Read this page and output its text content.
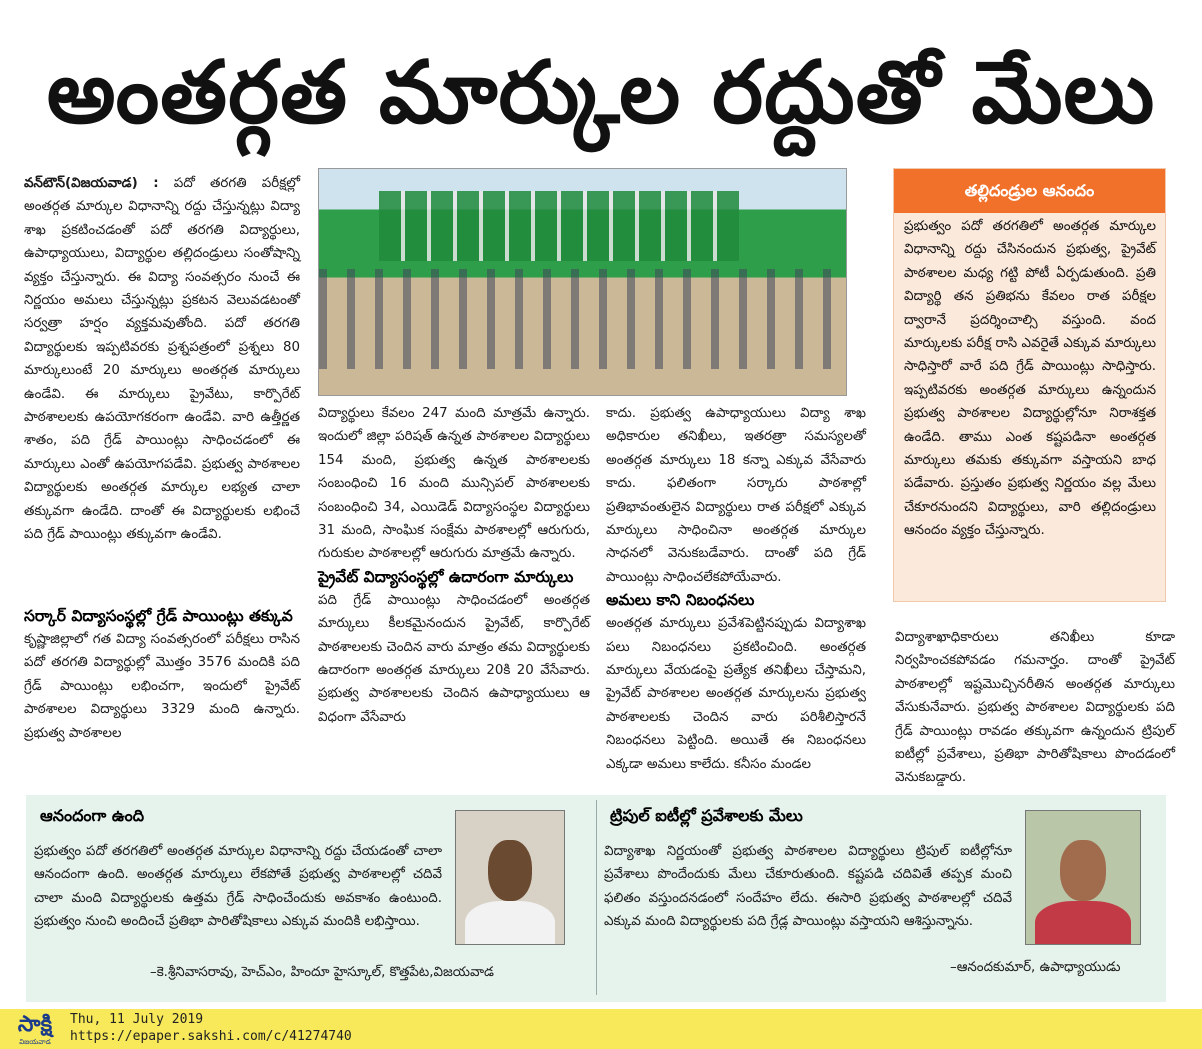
అంతర్గత మార్కుల రద్దుతో మేలు

వన్‌టౌన్(విజయవాడ) : పదో తరగతి పరీక్షల్లో అంతర్గత మార్కుల విధానాన్ని రద్దు చేస్తున్నట్లు విద్యా శాఖ ప్రకటించడంతో పదో తరగతి విద్యార్థులు, ఉపాధ్యాయులు, విద్యార్థుల తల్లిదండ్రులు సంతోషాన్ని వ్యక్తం చేస్తున్నారు. ఈ విద్యా సంవత్సరం నుంచే ఈ నిర్ణయం అమలు చేస్తున్నట్లు ప్రకటన వెలువడటంతో సర్వత్రా హర్షం వ్యక్తమవుతోంది. పదో తరగతి విద్యార్థులకు ఇప్పటివరకు ప్రశ్నపత్రంలో ప్రశ్నలు 80 మార్కులుంటే 20 మార్కులు అంతర్గత మార్కులు ఉండేవి. ఈ మార్కులు ప్రైవేటు, కార్పొరేట్ పాఠశాలలకు ఉపయోగకరంగా ఉండేవి. వారి ఉత్తీర్ణత శాతం, పది గ్రేడ్ పాయింట్లు సాధించడంలో ఈ మార్కులు ఎంతో ఉపయోగపడేవి. ప్రభుత్వ పాఠశాలల విద్యార్థులకు అంతర్గత మార్కుల లభ్యత చాలా తక్కువగా ఉండేది. దాంతో ఈ విద్యార్థులకు లభించే పది గ్రేడ్ పాయింట్లు తక్కువగా ఉండేవి.

సర్కార్ విద్యాసంస్థల్లో గ్రేడ్ పాయింట్లు తక్కువ

కృష్ణాజిల్లాలో గత విద్యా సంవత్సరంలో పరీక్షలు రాసిన పదో తరగతి విద్యార్థుల్లో మొత్తం 3576 మందికి పది గ్రేడ్ పాయింట్లు లభించగా, ఇందులో ప్రైవేట్ పాఠశాలల విద్యార్థులు 3329 మంది ఉన్నారు. ప్రభుత్వ పాఠశాలల

విద్యార్థులు కేవలం 247 మంది మాత్రమే ఉన్నారు. ఇందులో జిల్లా పరిషత్ ఉన్నత పాఠశాలల విద్యార్థులు 154 మంది, ప్రభుత్వ ఉన్నత పాఠశాలలకు సంబంధించి 16 మంది మున్సిపల్ పాఠశాలలకు సంబంధించి 34, ఎయిడెడ్ విద్యాసంస్థల విద్యార్థులు 31 మంది, సాంఘిక సంక్షేమ పాఠశాలల్లో ఆరుగురు, గురుకుల పాఠశాలల్లో ఆరుగురు మాత్రమే ఉన్నారు.

ప్రైవేట్ విద్యాసంస్థల్లో ఉదారంగా మార్కులు

పది గ్రేడ్ పాయింట్లు సాధించడంలో అంతర్గత మార్కులు కీలకమైనందున ప్రైవేట్, కార్పొరేట్ పాఠశాలలకు చెందిన వారు మాత్రం తమ విద్యార్థులకు ఉదారంగా అంతర్గత మార్కులు 20కి 20 వేసేవారు. ప్రభుత్వ పాఠశాలలకు చెందిన ఉపాధ్యాయులు ఆ విధంగా వేసేవారు

కాదు. ప్రభుత్వ ఉపాధ్యాయులు విద్యా శాఖ అధికారుల తనిఖీలు, ఇతరత్రా సమస్యలతో అంతర్గత మార్కులు 18 కన్నా ఎక్కువ వేసేవారు కాదు. ఫలితంగా సర్కారు పాఠశాల్లో ప్రతిభావంతులైన విద్యార్థులు రాత పరీక్షలో ఎక్కువ మార్కులు సాధించినా అంతర్గత మార్కుల సాధనలో వెనుకబడేవారు. దాంతో పది గ్రేడ్ పాయింట్లు సాధించలేకపోయేవారు.

అమలు కాని నిబంధనలు

అంతర్గత మార్కులు ప్రవేశపెట్టినప్పుడు విద్యాశాఖ పలు నిబంధనలు ప్రకటించింది. అంతర్గత మార్కులు వేయడంపై ప్రత్యేక తనిఖీలు చేస్తామని, ప్రైవేట్ పాఠశాలల అంతర్గత మార్కులను ప్రభుత్వ పాఠశాలలకు చెందిన వారు పరిశీలిస్తారనే నిబంధనలు పెట్టింది. అయితే ఈ నిబంధనలు ఎక్కడా అమలు కాలేదు. కనీసం మండల

తల్లిదండ్రుల ఆనందం
ప్రభుత్వం పదో తరగతిలో అంతర్గత మార్కుల విధానాన్ని రద్దు చేసినందున ప్రభుత్వ, ప్రైవేట్ పాఠశాలల మధ్య గట్టి పోటీ ఏర్పడుతుంది. ప్రతి విద్యార్థి తన ప్రతిభను కేవలం రాత పరీక్షల ద్వారానే ప్రదర్శించాల్సి వస్తుంది. వంద మార్కులకు పరీక్ష రాసి ఎవరైతే ఎక్కువ మార్కులు సాధిస్తారో వారే పది గ్రేడ్ పాయింట్లు సాధిస్తారు. ఇప్పటివరకు అంతర్గత మార్కులు ఉన్నందున ప్రభుత్వ పాఠశాలల విద్యార్థుల్లోనూ నిరాశక్తత ఉండేది. తాము ఎంత కష్టపడినా అంతర్గత మార్కులు తమకు తక్కువగా వస్తాయని బాధ పడేవారు. ప్రస్తుతం ప్రభుత్వ నిర్ణయం వల్ల మేలు చేకూరనుందని విద్యార్థులు, వారి తల్లిదండ్రులు ఆనందం వ్యక్తం చేస్తున్నారు.

విద్యాశాఖాధికారులు తనిఖీలు కూడా నిర్వహించకపోవడం గమనార్హం. దాంతో ప్రైవేట్ పాఠశాలల్లో ఇష్టమొచ్చినరీతిన అంతర్గత మార్కులు వేసుకునేవారు. ప్రభుత్వ పాఠశాలల విద్యార్థులకు పది గ్రేడ్ పాయింట్లు రావడం తక్కువగా ఉన్నందున ట్రిపుల్ ఐటీల్లో ప్రవేశాలు, ప్రతిభా పారితోషికాలు పొందడంలో వెనుకబడ్డారు.

ఆనందంగా ఉంది
ప్రభుత్వం పదో తరగతిలో అంతర్గత మార్కుల విధానాన్ని రద్దు చేయడంతో చాలా ఆనందంగా ఉంది. అంతర్గత మార్కులు లేకపోతే ప్రభుత్వ పాఠశాలల్లో చదివే చాలా మంది విద్యార్థులకు ఉత్తమ గ్రేడ్ సాధించేందుకు అవకాశం ఉంటుంది. ప్రభుత్వం నుంచి అందించే ప్రతిభా పారితోషికాలు ఎక్కువ మందికి లభిస్తాయి.
–కె.శ్రీనివాసరావు, హెచ్ఎం, హిందూ హైస్కూల్, కొత్తపేట,విజయవాడ
ట్రిపుల్ ఐటీల్లో ప్రవేశాలకు మేలు
విద్యాశాఖ నిర్ణయంతో ప్రభుత్వ పాఠశాలల విద్యార్థులు ట్రిపుల్ ఐటీల్లోనూ ప్రవేశాలు పొందేందుకు మేలు చేకూరుతుంది. కష్టపడి చదివితే తప్పక మంచి ఫలితం వస్తుందనడంలో సందేహం లేదు. ఈసారి ప్రభుత్వ పాఠశాలల్లో చదివే ఎక్కువ మంది విద్యార్థులకు పది గ్రేడ్ల పాయింట్లు వస్తాయని ఆశిస్తున్నాను.
–ఆనందకుమార్, ఉపాధ్యాయుడు
సాక్షి
విజయవాడ
Thu, 11 July 2019
https://epaper.sakshi.com/c/41274740
